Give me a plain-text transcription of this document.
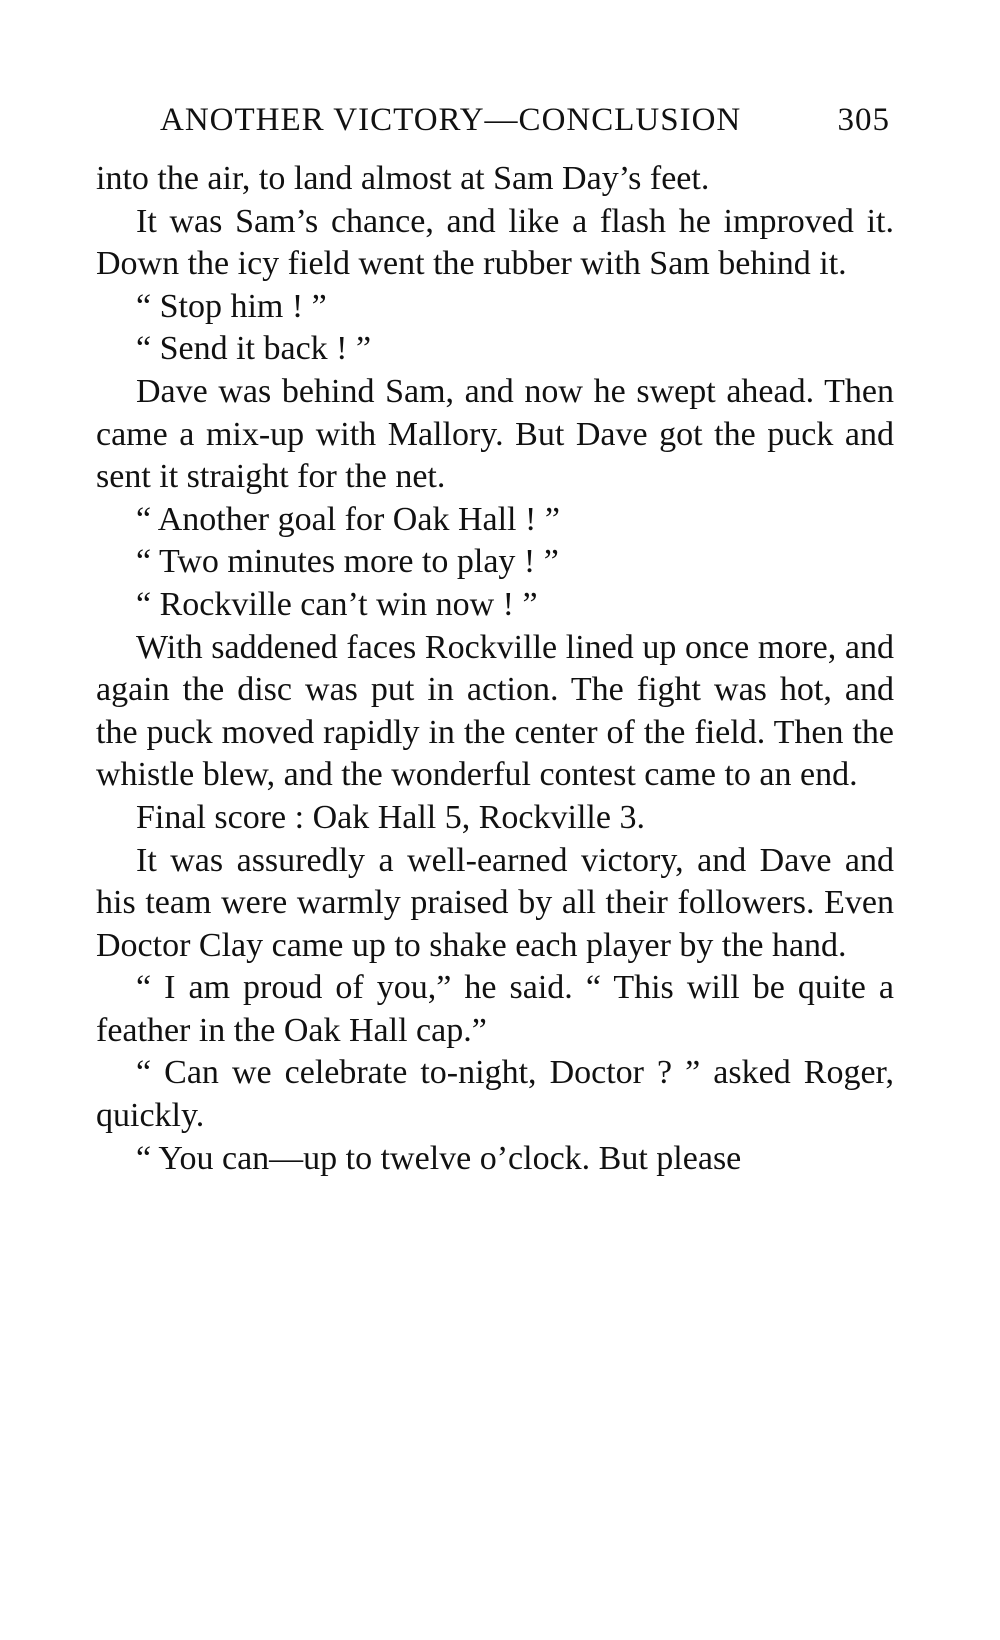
ANOTHER VICTORY—CONCLUSION	305

into the air, to land almost at Sam Day’s feet.

It was Sam’s chance, and like a flash he improved it. Down the icy field went the rubber with Sam behind it.

“ Stop him ! ”

“ Send it back ! ”

Dave was behind Sam, and now he swept ahead. Then came a mix-up with Mallory. But Dave got the puck and sent it straight for the net.

“ Another goal for Oak Hall ! ”

“ Two minutes more to play ! ”

“ Rockville can’t win now ! ”

With saddened faces Rockville lined up once more, and again the disc was put in action. The fight was hot, and the puck moved rapidly in the center of the field. Then the whistle blew, and the wonderful contest came to an end.

Final score : Oak Hall 5, Rockville 3.

It was assuredly a well-earned victory, and Dave and his team were warmly praised by all their followers. Even Doctor Clay came up to shake each player by the hand.

“ I am proud of you,” he said. “ This will be quite a feather in the Oak Hall cap.”

“ Can we celebrate to-night, Doctor ? ” asked Roger, quickly.

“ You can—up to twelve o’clock. But please
